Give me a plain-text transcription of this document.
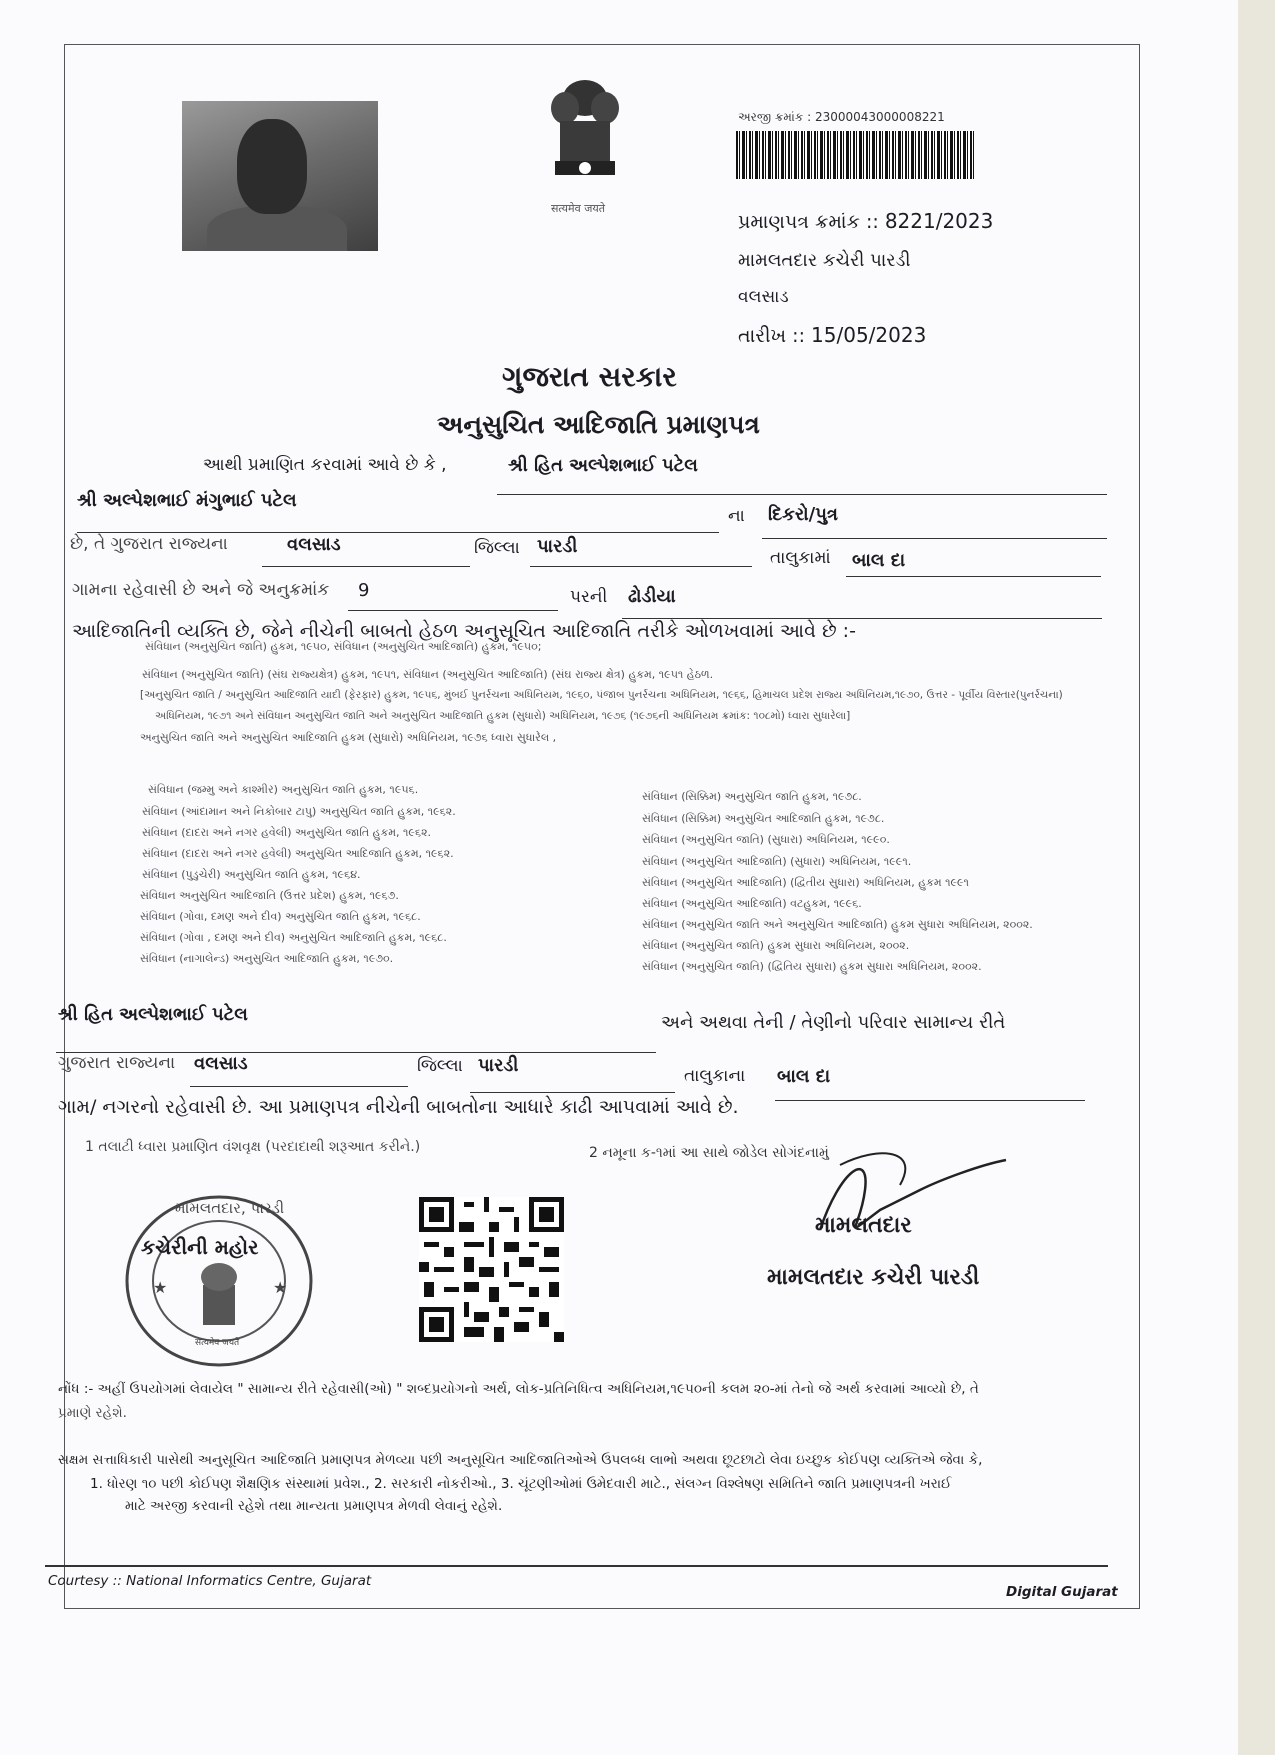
सत्यमेव जयते
અરજી ક્રમાંક : 23000043000008221
પ્રમાણપત્ર ક્રમાંક :: 8221/2023
મામલતદાર કચેરી પારડી
વલસાડ
તારીખ :: 15/05/2023
ગુજરાત સરકાર
અનુસુચિત આદિજાતિ પ્રમાણપત્ર
આથી પ્રમાણિત કરવામાં આવે છે કે ,	શ્રી હિત અલ્પેશભાઈ પટેલ
શ્રી અલ્પેશભાઈ મંગુભાઈ પટેલ
ના દિકરો/પુત્ર
છે, તે ગુજરાત રાજ્યના	વલસાડ	જિલ્લા પારડી
તાલુકામાં બાલ દા
ગામના રહેવાસી છે અને જે અનુક્રમાંક 9	પરની ઢોડીયા
આદિજાતિની વ્યક્તિ છે, જેને નીચેની બાબતો હેઠળ અનુસૂચિત આદિજાતિ તરીકે ઓળખવામાં આવે છે :-
સંવિધાન (અનુસુચિત જાતિ) હુકમ, ૧૯૫૦, સંવિધાન (અનુસુચિત આદિજાતિ) હુકમ, ૧૯૫૦;
સંવિધાન (અનુસુચિત જાતિ) (સંઘ રાજ્યક્ષેત્ર) હુકમ, ૧૯૫૧, સંવિધાન (અનુસુચિત આદિજાતિ) (સંઘ રાજ્ય ક્ષેત્ર) હુકમ, ૧૯૫૧ હેઠળ.
[અનુસુચિત જાતિ / અનુસુચિત આદિજાતિ યાદી (ફેરફાર) હુકમ, ૧૯૫૬, મુંબઈ પુનર્રચના અધિનિયમ, ૧૯૬૦, પંજાબ પુનર્રચના અધિનિયમ, ૧૯૬૬, હિમાચલ પ્રદેશ રાજ્ય અધિનિયમ,૧૯૭૦, ઉત્તર - પૂર્વીય વિસ્તાર(પુનર્રચના)
અધિનિયમ, ૧૯૭૧ અને સંવિધાન અનુસુચિત જાતિ અને અનુસુચિત આદિજાતિ હુકમ (સુધારો) અધિનિયમ, ૧૯૭૬ (૧૯૭૬ની અધિનિયમ ક્રમાંક: ૧૦૮મો) ધ્વારા સુધારેલા]
અનુસુચિત જાતિ અને અનુસુચિત આદિજાતિ હુકમ (સુધારો) અધિનિયમ, ૧૯૭૬ ધ્વારા સુધારેલ ,
સંવિધાન (જમ્મુ અને કાશ્મીર) અનુસુચિત જાતિ હુકમ, ૧૯૫૬.
સંવિધાન (આંદામાન અને નિકોબાર ટાપુ) અનુસુચિત જાતિ હુકમ, ૧૯૬૨.
સંવિધાન (દાદરા અને નગર હવેલી) અનુસુચિત જાતિ હુકમ, ૧૯૬૨.
સંવિધાન (દાદરા અને નગર હવેલી) અનુસુચિત આદિજાતિ હુકમ, ૧૯૬૨.
સંવિધાન (પુડુચેરી) અનુસુચિત જાતિ હુકમ, ૧૯૬૪.
સંવિધાન અનુસુચિત આદિજાતિ (ઉત્તર પ્રદેશ) હુકમ, ૧૯૬૭.
સંવિધાન (ગોવા, દમણ અને દીવ) અનુસુચિત જાતિ હુકમ, ૧૯૬૮.
સંવિધાન (ગોવા , દમણ અને દીવ) અનુસુચિત આદિજાતિ હુકમ, ૧૯૬૮.
સંવિધાન (નાગાલેન્ડ) અનુસુચિત આદિજાતિ હુકમ, ૧૯૭૦.
સંવિધાન (સિક્કિમ) અનુસુચિત જાતિ હુકમ, ૧૯૭૮.
સંવિધાન (સિક્કિમ) અનુસુચિત આદિજાતિ હુકમ, ૧૯૭૮.
સંવિધાન (અનુસુચિત જાતિ) (સુધારા) અધિનિયમ, ૧૯૯૦.
સંવિધાન (અનુસુચિત આદિજાતિ) (સુધારા) અધિનિયમ, ૧૯૯૧.
સંવિધાન (અનુસુચિત આદિજાતિ) (દ્વિતીય સુધારા) અધિનિયમ, હુકમ ૧૯૯૧
સંવિધાન (અનુસુચિત આદિજાતિ) વટહુકમ, ૧૯૯૬.
સંવિધાન (અનુસુચિત જાતિ અને અનુસુચિત આદિજાતિ) હુકમ સુધારા અધિનિયમ, ૨૦૦૨.
સંવિધાન (અનુસુચિત જાતિ) હુકમ સુધારા અધિનિયમ, ૨૦૦૨.
સંવિધાન (અનુસુચિત જાતિ) (દ્વિતિય સુધારા) હુકમ સુધારા અધિનિયમ, ૨૦૦૨.
શ્રી હિત અલ્પેશભાઈ પટેલ	અને અથવા તેની / તેણીનો પરિવાર સામાન્ય રીતે
ગુજરાત રાજ્યના વલસાડ	જિલ્લા પારડી	તાલુકાના બાલ દા
ગામ/ નગરનો રહેવાસી છે. આ પ્રમાણપત્ર નીચેની બાબતોના આધારે કાઢી આપવામાં આવે છે.
1 તલાટી ધ્વારા પ્રમાણિત વંશવૃક્ષ (પરદાદાથી શરૂઆત કરીને.)	2 નમૂના ક-૧માં આ સાથે જોડેલ સોગંદનામું
★	★
મામલતદાર, પારડી
કચેરીની મહોર
सत्यमेव जयते
મામલતદાર
મામલતદાર કચેરી પારડી
નોંધ :- અહીં ઉપયોગમાં લેવાયેલ " સામાન્ય રીતે રહેવાસી(ઓ) " શબ્દપ્રયોગનો અર્થ, લોક-પ્રતિનિધિત્વ અધિનિયમ,૧૯૫૦ની કલમ ૨૦-માં તેનો જે અર્થ કરવામાં આવ્યો છે, તે
પ્રમાણે રહેશે.
સક્ષમ સત્તાધિકારી પાસેથી અનુસૂચિત આદિજાતિ પ્રમાણપત્ર મેળવ્યા પછી અનુસૂચિત આદિજાતિઓએ ઉપલબ્ધ લાભો અથવા છૂટછાટો લેવા ઇચ્છુક કોઈપણ વ્યક્તિએ જેવા કે,
1. ધોરણ ૧૦ પછી કોઈપણ શૈક્ષણિક સંસ્થામાં પ્રવેશ., 2. સરકારી નોકરીઓ., 3. ચૂંટણીઓમાં ઉમેદવારી માટે., સંલગ્ન વિશ્લેષણ સમિતિને જાતિ પ્રમાણપત્રની ખરાઈ
માટે અરજી કરવાની રહેશે તથા માન્યતા પ્રમાણપત્ર મેળવી લેવાનું રહેશે.
Courtesy :: National Informatics Centre, Gujarat
Digital Gujarat
